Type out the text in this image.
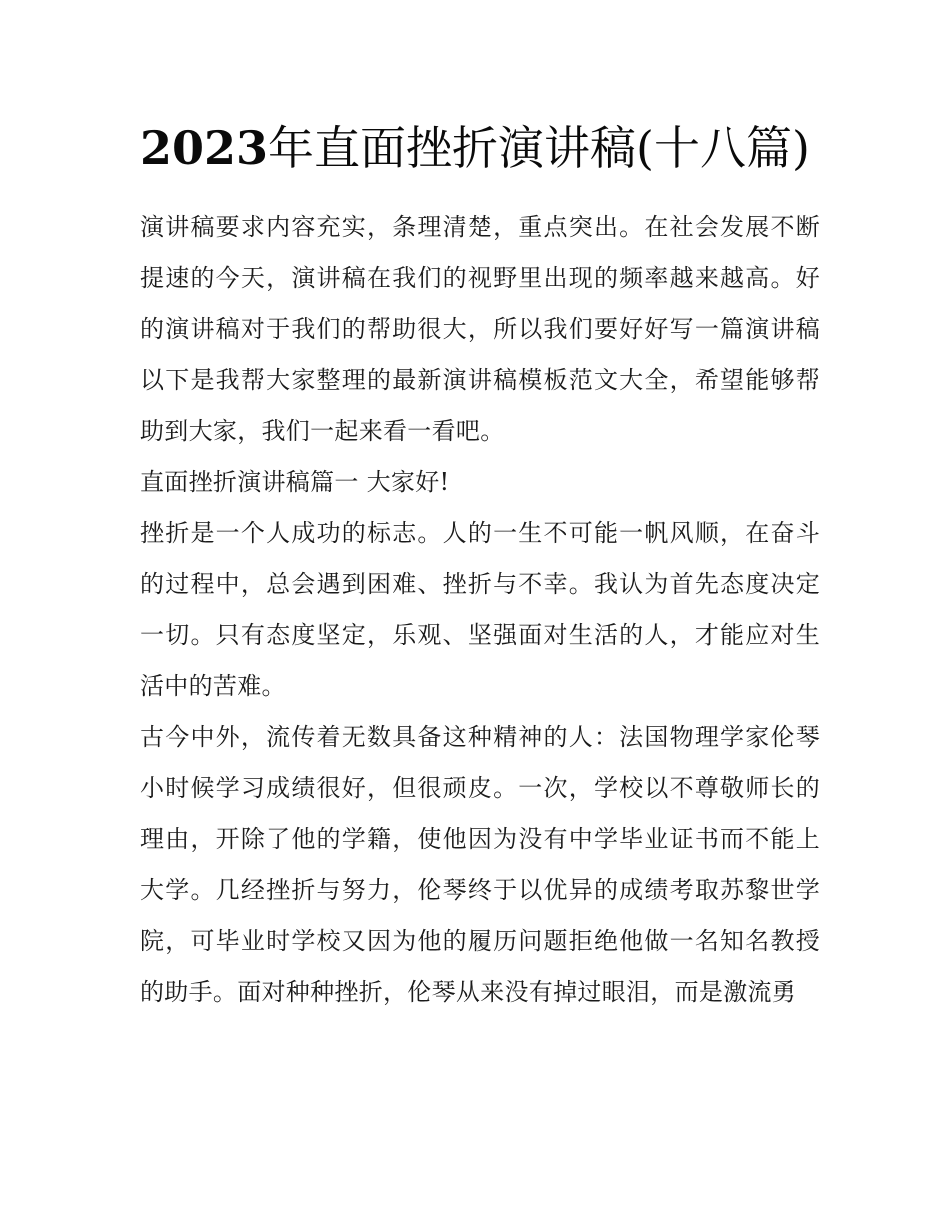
2023年直面挫折演讲稿(十八篇)

演讲稿要求内容充实，条理清楚，重点突出。在社会发展不断提速的今天，演讲稿在我们的视野里出现的频率越来越高。好的演讲稿对于我们的帮助很大，所以我们要好好写一篇演讲稿以下是我帮大家整理的最新演讲稿模板范文大全，希望能够帮助到大家，我们一起来看一看吧。

直面挫折演讲稿篇一 大家好!

挫折是一个人成功的标志。人的一生不可能一帆风顺，在奋斗的过程中，总会遇到困难、挫折与不幸。我认为首先态度决定一切。只有态度坚定，乐观、坚强面对生活的人，才能应对生活中的苦难。

古今中外，流传着无数具备这种精神的人：法国物理学家伦琴小时候学习成绩很好，但很顽皮。一次，学校以不尊敬师长的理由，开除了他的学籍，使他因为没有中学毕业证书而不能上大学。几经挫折与努力，伦琴终于以优异的成绩考取苏黎世学院，可毕业时学校又因为他的履历问题拒绝他做一名知名教授的助手。面对种种挫折，伦琴从来没有掉过眼泪，而是激流勇
